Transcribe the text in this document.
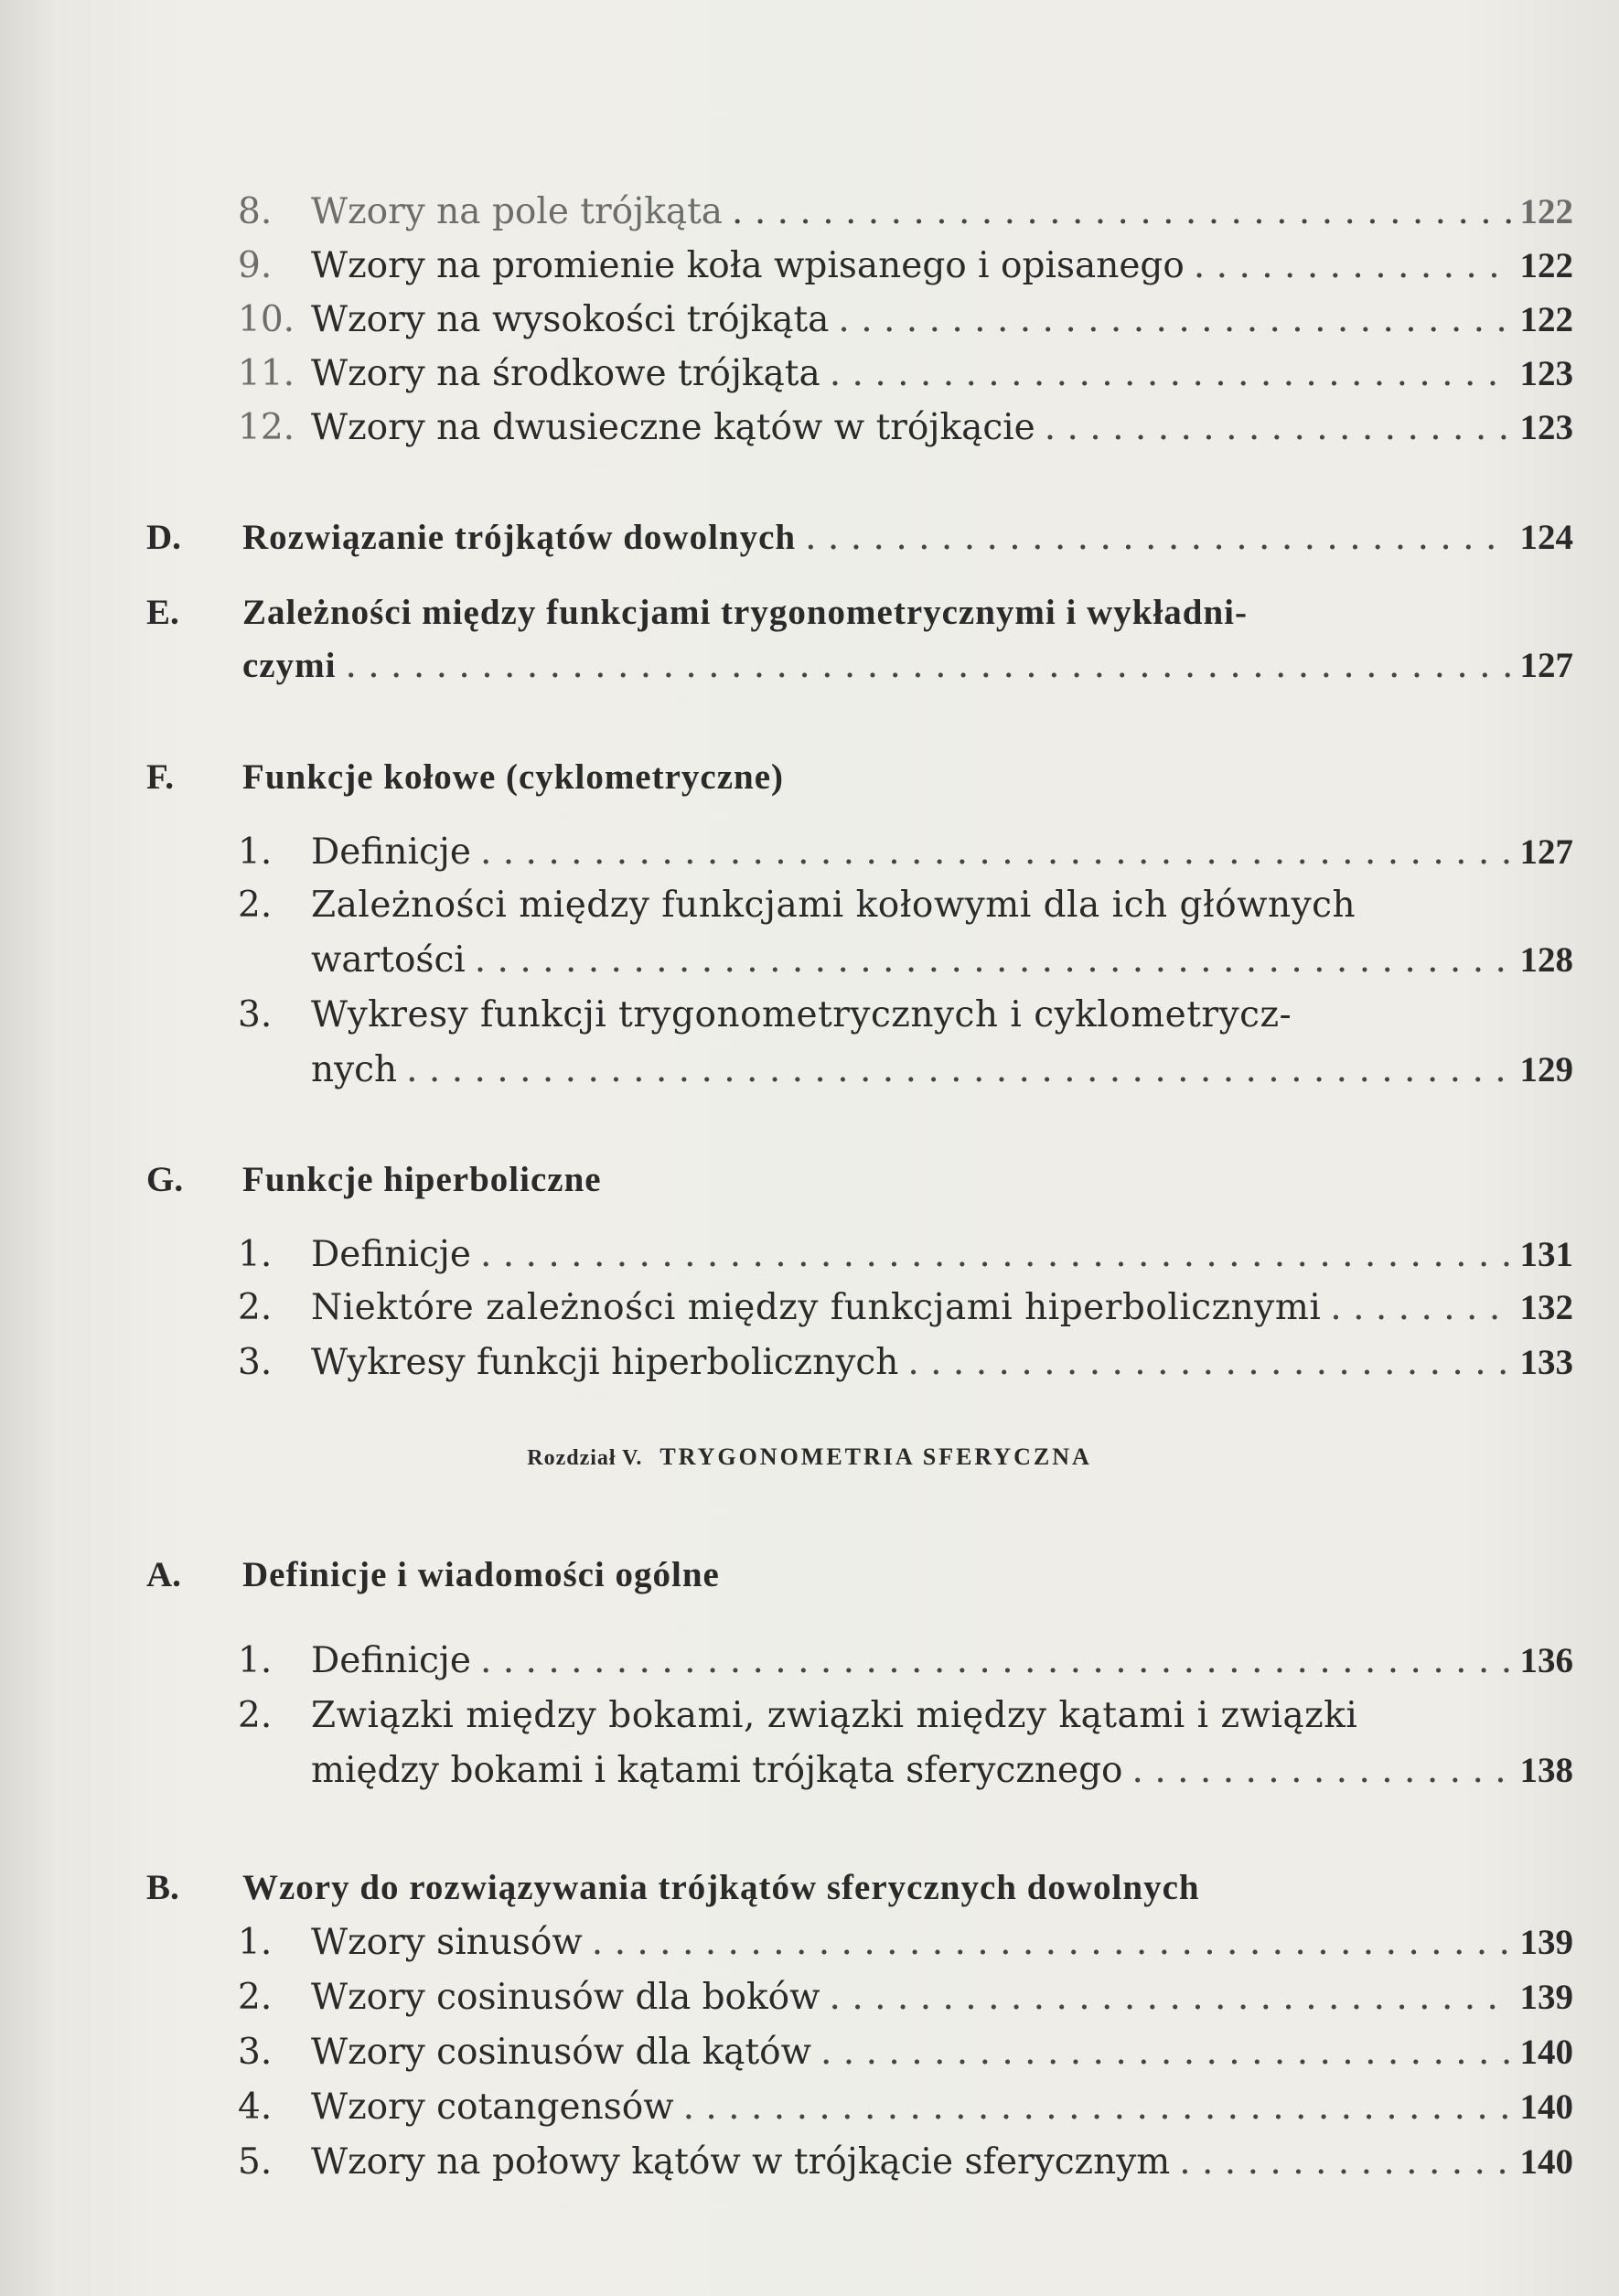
8.	Wzory na pole trójkąta . . .	122
9.	Wzory na promienie koła wpisanego i opisanego . . .	122
10. Wzory na wysokości trójkąta . . .	122
11. Wzory na środkowe trójkąta . . .	123
12. Wzory na dwusieczne kątów w trójkącie . . .	123
D.	Rozwiązanie trójkątów dowolnych . . .	124
E.	Zależności między funkcjami trygonometrycznymi i wykładni-
czymi . . .	127
F.	Funkcje kołowe (cyklometryczne)
1.	Definicje . . .	127
2.	Zależności między funkcjami kołowymi dla ich głównych
wartości . . .	128
3.	Wykresy funkcji trygonometrycznych i cyklometrycz-
nych . . .	129
G.	Funkcje hiperboliczne
1.	Definicje . . .	131
2.	Niektóre zależności między funkcjami hiperbolicznymi . . .	132
3.	Wykresy funkcji hiperbolicznych . . .	133
Rozdział V. TRYGONOMETRIA SFERYCZNA
A.	Definicje i wiadomości ogólne
1.	Definicje . . .	136
2.	Związki między bokami, związki między kątami i związki
między bokami i kątami trójkąta sferycznego . . .	138
B.	Wzory do rozwiązywania trójkątów sferycznych dowolnych
1.	Wzory sinusów . . .	139
2.	Wzory cosinusów dla boków . . .	139
3.	Wzory cosinusów dla kątów . . .	140
4.	Wzory cotangensów . . .	140
5.	Wzory na połowy kątów w trójkącie sferycznym . . .	140
